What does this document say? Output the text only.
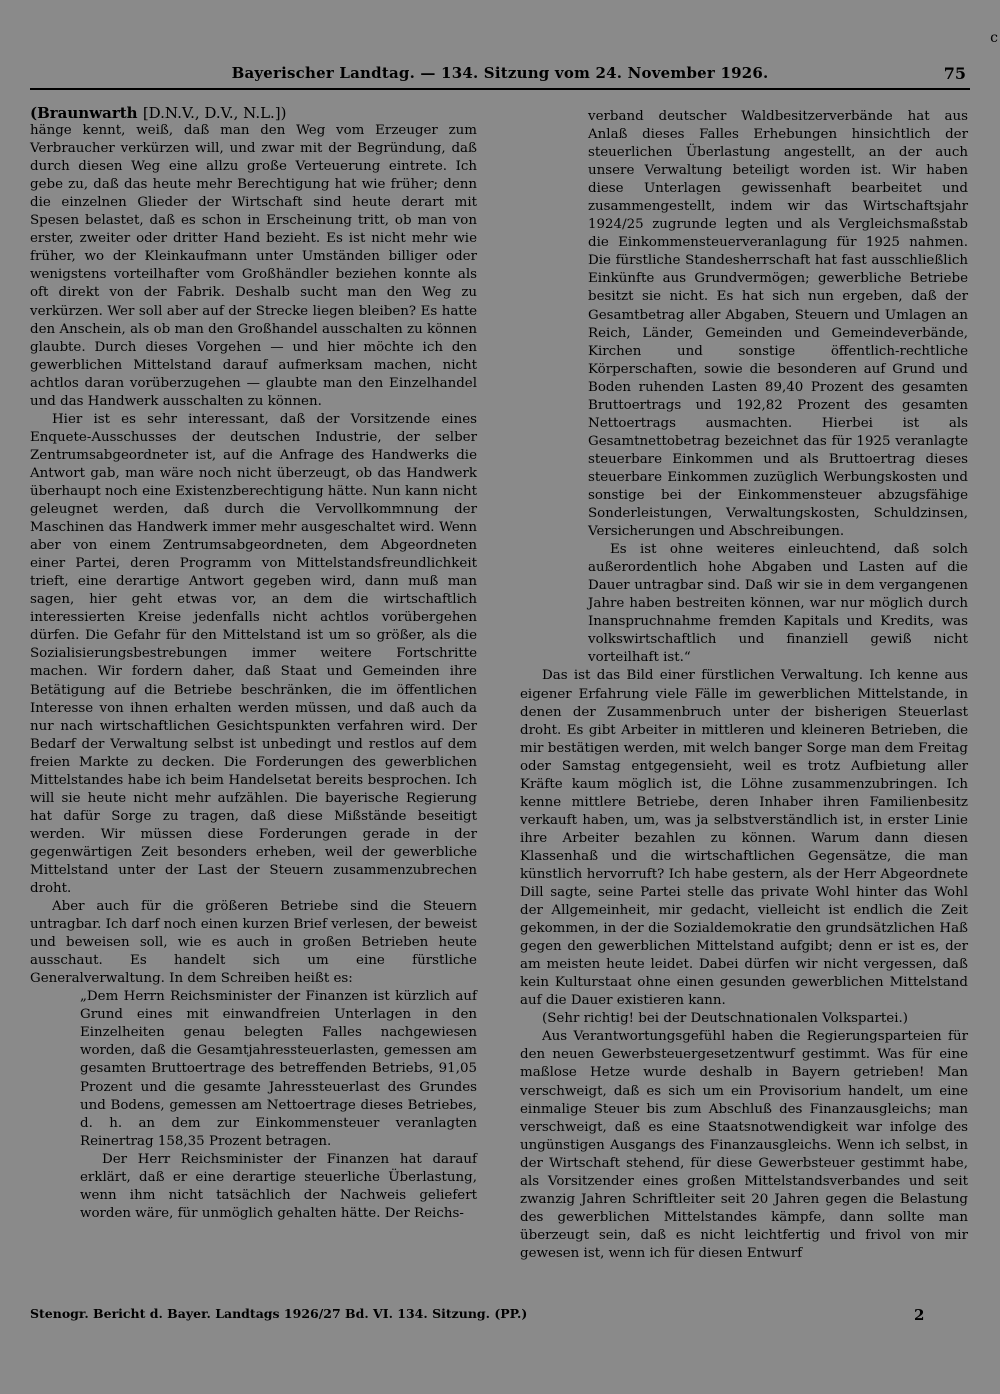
c
Bayerischer Landtag. — 134. Sitzung vom 24. November 1926.	75

(Braunwarth [D.N.V., D.V., N.L.])

hänge kennt, weiß, daß man den Weg vom Erzeuger zum Verbraucher verkürzen will, und zwar mit der Begründung, daß durch diesen Weg eine allzu große Verteuerung eintrete. Ich gebe zu, daß das heute mehr Berechtigung hat wie früher; denn die einzelnen Glieder der Wirtschaft sind heute derart mit Spesen belastet, daß es schon in Erscheinung tritt, ob man von erster, zweiter oder dritter Hand bezieht. Es ist nicht mehr wie früher, wo der Kleinkaufmann unter Umständen billiger oder wenigstens vorteilhafter vom Großhändler beziehen konnte als oft direkt von der Fabrik. Deshalb sucht man den Weg zu verkürzen. Wer soll aber auf der Strecke liegen bleiben? Es hatte den Anschein, als ob man den Großhandel ausschalten zu können glaubte. Durch dieses Vorgehen — und hier möchte ich den gewerblichen Mittelstand darauf aufmerksam machen, nicht achtlos daran vorüberzugehen — glaubte man den Einzelhandel und das Handwerk ausschalten zu können.

Hier ist es sehr interessant, daß der Vorsitzende eines Enquete-Ausschusses der deutschen Industrie, der selber Zentrumsabgeordneter ist, auf die Anfrage des Handwerks die Antwort gab, man wäre noch nicht überzeugt, ob das Handwerk überhaupt noch eine Existenzberechtigung hätte. Nun kann nicht geleugnet werden, daß durch die Vervollkommnung der Maschinen das Handwerk immer mehr ausgeschaltet wird. Wenn aber von einem Zentrumsabgeordneten, dem Abgeordneten einer Partei, deren Programm von Mittelstandsfreundlichkeit trieft, eine derartige Antwort gegeben wird, dann muß man sagen, hier geht etwas vor, an dem die wirtschaftlich interessierten Kreise jedenfalls nicht achtlos vorübergehen dürfen. Die Gefahr für den Mittelstand ist um so größer, als die Sozialisierungsbestrebungen immer weitere Fortschritte machen. Wir fordern daher, daß Staat und Gemeinden ihre Betätigung auf die Betriebe beschränken, die im öffentlichen Interesse von ihnen erhalten werden müssen, und daß auch da nur nach wirtschaftlichen Gesichtspunkten verfahren wird. Der Bedarf der Verwaltung selbst ist unbedingt und restlos auf dem freien Markte zu decken. Die Forderungen des gewerblichen Mittelstandes habe ich beim Handelsetat bereits besprochen. Ich will sie heute nicht mehr aufzählen. Die bayerische Regierung hat dafür Sorge zu tragen, daß diese Mißstände beseitigt werden. Wir müssen diese Forderungen gerade in der gegenwärtigen Zeit besonders erheben, weil der gewerbliche Mittelstand unter der Last der Steuern zusammenzubrechen droht.

Aber auch für die größeren Betriebe sind die Steuern untragbar. Ich darf noch einen kurzen Brief verlesen, der beweist und beweisen soll, wie es auch in großen Betrieben heute ausschaut. Es handelt sich um eine fürstliche Generalverwaltung. In dem Schreiben heißt es:

„Dem Herrn Reichsminister der Finanzen ist kürzlich auf Grund eines mit einwandfreien Unterlagen in den Einzelheiten genau belegten Falles nachgewiesen worden, daß die Gesamtjahressteuerlasten, gemessen am gesamten Bruttoertrage des betreffenden Betriebs, 91,05 Prozent und die gesamte Jahressteuerlast des Grundes und Bodens, gemessen am Nettoertrage dieses Betriebes, d. h. an dem zur Einkommensteuer veranlagten Reinertrag 158,35 Prozent betragen.

Der Herr Reichsminister der Finanzen hat darauf erklärt, daß er eine derartige steuerliche Überlastung, wenn ihm nicht tatsächlich der Nachweis geliefert worden wäre, für unmöglich gehalten hätte. Der Reichs-

verband deutscher Waldbesitzerverbände hat aus Anlaß dieses Falles Erhebungen hinsichtlich der steuerlichen Überlastung angestellt, an der auch unsere Verwaltung beteiligt worden ist. Wir haben diese Unterlagen gewissenhaft bearbeitet und zusammengestellt, indem wir das Wirtschaftsjahr 1924/25 zugrunde legten und als Vergleichsmaßstab die Einkommensteuerveranlagung für 1925 nahmen. Die fürstliche Standesherrschaft hat fast ausschließlich Einkünfte aus Grundvermögen; gewerbliche Betriebe besitzt sie nicht. Es hat sich nun ergeben, daß der Gesamtbetrag aller Abgaben, Steuern und Umlagen an Reich, Länder, Gemeinden und Gemeindeverbände, Kirchen und sonstige öffentlich-rechtliche Körperschaften, sowie die besonderen auf Grund und Boden ruhenden Lasten 89,40 Prozent des gesamten Bruttoertrags und 192,82 Prozent des gesamten Nettoertrags ausmachten. Hierbei ist als Gesamtnettobetrag bezeichnet das für 1925 veranlagte steuerbare Einkommen und als Bruttoertrag dieses steuerbare Einkommen zuzüglich Werbungskosten und sonstige bei der Einkommensteuer abzugsfähige Sonderleistungen, Verwaltungskosten, Schuldzinsen, Versicherungen und Abschreibungen.

Es ist ohne weiteres einleuchtend, daß solch außerordentlich hohe Abgaben und Lasten auf die Dauer untragbar sind. Daß wir sie in dem vergangenen Jahre haben bestreiten können, war nur möglich durch Inanspruchnahme fremden Kapitals und Kredits, was volkswirtschaftlich und finanziell gewiß nicht vorteilhaft ist.“

Das ist das Bild einer fürstlichen Verwaltung. Ich kenne aus eigener Erfahrung viele Fälle im gewerblichen Mittelstande, in denen der Zusammenbruch unter der bisherigen Steuerlast droht. Es gibt Arbeiter in mittleren und kleineren Betrieben, die mir bestätigen werden, mit welch banger Sorge man dem Freitag oder Samstag entgegensieht, weil es trotz Aufbietung aller Kräfte kaum möglich ist, die Löhne zusammenzubringen. Ich kenne mittlere Betriebe, deren Inhaber ihren Familienbesitz verkauft haben, um, was ja selbstverständlich ist, in erster Linie ihre Arbeiter bezahlen zu können. Warum dann diesen Klassenhaß und die wirtschaftlichen Gegensätze, die man künstlich hervorruft? Ich habe gestern, als der Herr Abgeordnete Dill sagte, seine Partei stelle das private Wohl hinter das Wohl der Allgemeinheit, mir gedacht, vielleicht ist endlich die Zeit gekommen, in der die Sozialdemokratie den grundsätzlichen Haß gegen den gewerblichen Mittelstand aufgibt; denn er ist es, der am meisten heute leidet. Dabei dürfen wir nicht vergessen, daß kein Kulturstaat ohne einen gesunden gewerblichen Mittelstand auf die Dauer existieren kann.

(Sehr richtig! bei der Deutschnationalen Volkspartei.)

Aus Verantwortungsgefühl haben die Regierungsparteien für den neuen Gewerbsteuergesetzentwurf gestimmt. Was für eine maßlose Hetze wurde deshalb in Bayern getrieben! Man verschweigt, daß es sich um ein Provisorium handelt, um eine einmalige Steuer bis zum Abschluß des Finanzausgleichs; man verschweigt, daß es eine Staatsnotwendigkeit war infolge des ungünstigen Ausgangs des Finanzausgleichs. Wenn ich selbst, in der Wirtschaft stehend, für diese Gewerbsteuer gestimmt habe, als Vorsitzender eines großen Mittelstandsverbandes und seit zwanzig Jahren Schriftleiter seit 20 Jahren gegen die Belastung des gewerblichen Mittelstandes kämpfe, dann sollte man überzeugt sein, daß es nicht leichtfertig und frivol von mir gewesen ist, wenn ich für diesen Entwurf

Stenogr. Bericht d. Bayer. Landtags 1926/27 Bd. VI. 134. Sitzung. (PP.)	2
